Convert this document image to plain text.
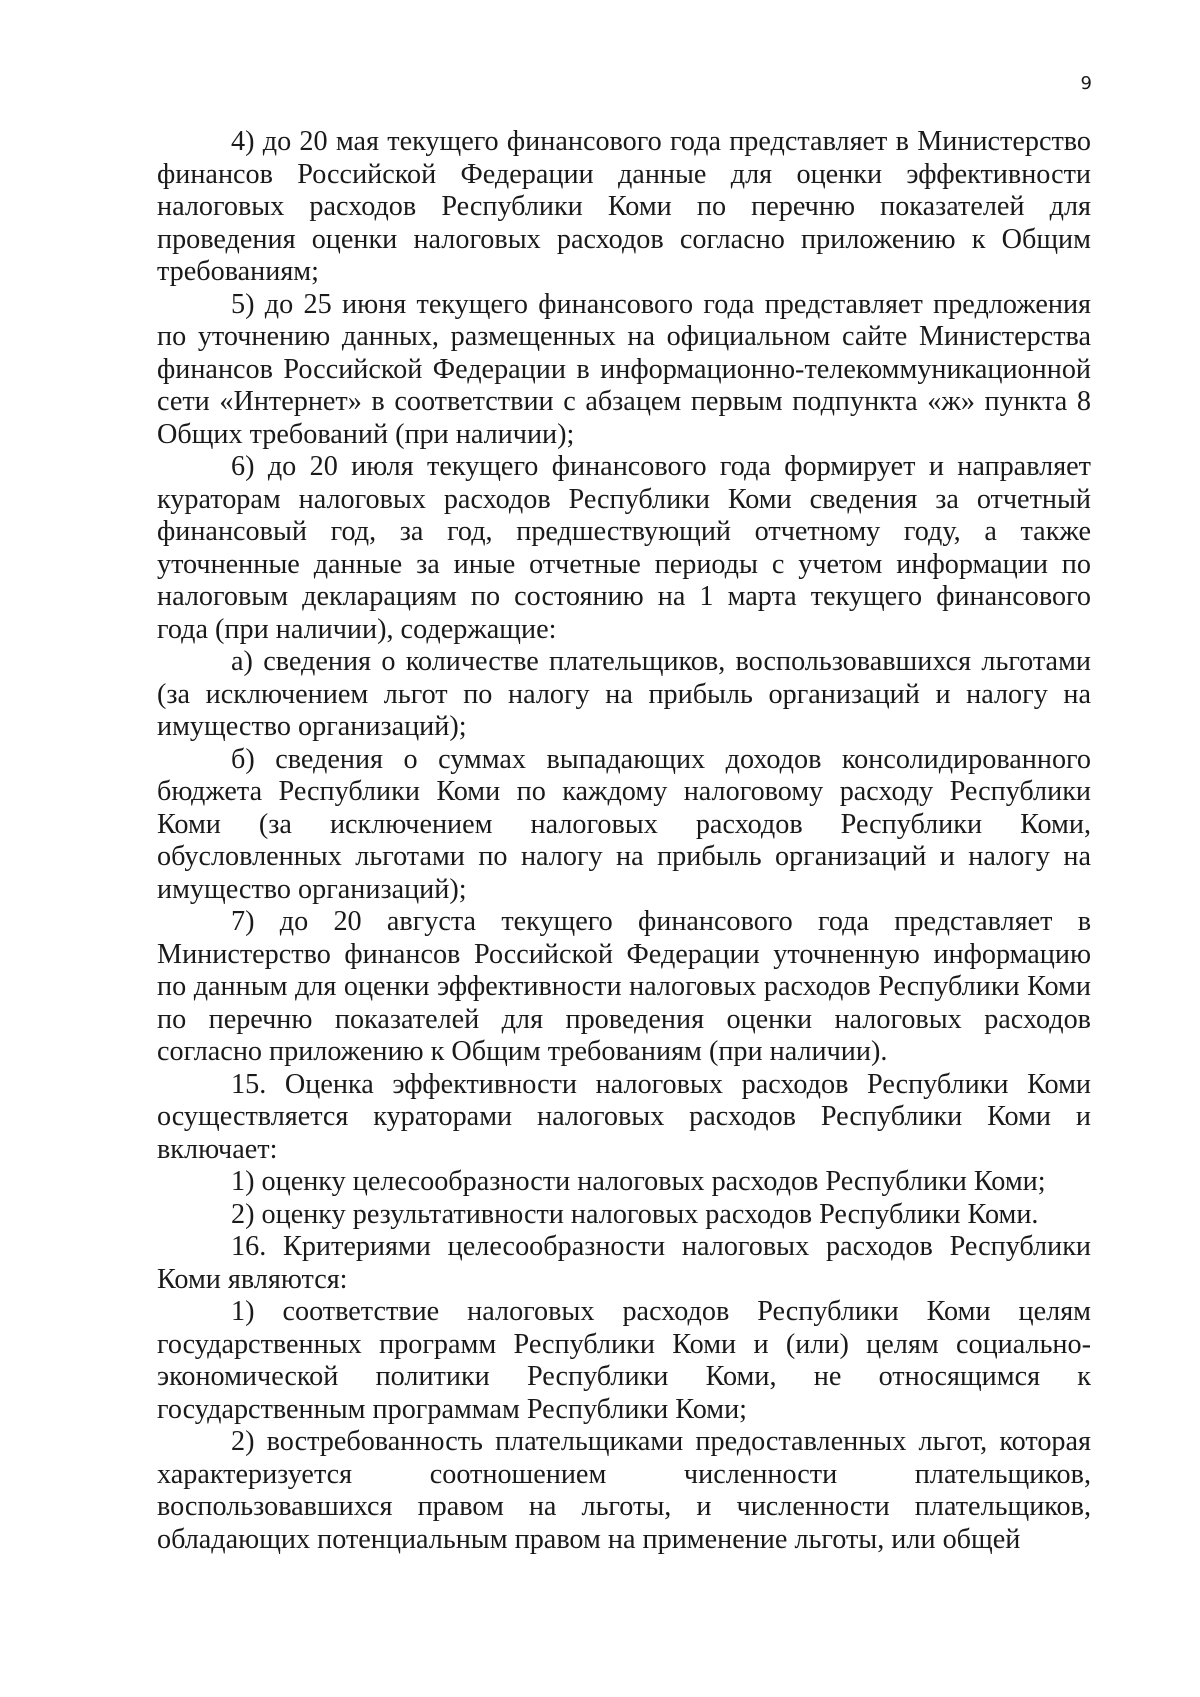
9

4) до 20 мая текущего финансового года представляет в Министерство финансов Российской Федерации данные для оценки эффективности налоговых расходов Республики Коми по перечню показателей для проведения оценки налоговых расходов согласно приложению к Общим требованиям;

5) до 25 июня текущего финансового года представляет предложения по уточнению данных, размещенных на официальном сайте Министерства финансов Российской Федерации в информационно-телекоммуникационной сети «Интернет» в соответствии с абзацем первым подпункта «ж» пункта 8 Общих требований (при наличии);

6) до 20 июля текущего финансового года формирует и направляет кураторам налоговых расходов Республики Коми сведения за отчетный финансовый год, за год, предшествующий отчетному году, а также уточненные данные за иные отчетные периоды с учетом информации по налоговым декларациям по состоянию на 1 марта текущего финансового года (при наличии), содержащие:

а) сведения о количестве плательщиков, воспользовавшихся льготами (за исключением льгот по налогу на прибыль организаций и налогу на имущество организаций);

б) сведения о суммах выпадающих доходов консолидированного бюджета Республики Коми по каждому налоговому расходу Республики Коми (за исключением налоговых расходов Республики Коми, обусловленных льготами по налогу на прибыль организаций и налогу на имущество организаций);

7) до 20 августа текущего финансового года представляет в Министерство финансов Российской Федерации уточненную информацию по данным для оценки эффективности налоговых расходов Республики Коми по перечню показателей для проведения оценки налоговых расходов согласно приложению к Общим требованиям (при наличии).

15. Оценка эффективности налоговых расходов Республики Коми осуществляется кураторами налоговых расходов Республики Коми и включает:

1) оценку целесообразности налоговых расходов Республики Коми;

2) оценку результативности налоговых расходов Республики Коми.

16. Критериями целесообразности налоговых расходов Республики Коми являются:

1) соответствие налоговых расходов Республики Коми целям государственных программ Республики Коми и (или) целям социально-экономической политики Республики Коми, не относящимся к государственным программам Республики Коми;

2) востребованность плательщиками предоставленных льгот, которая характеризуется соотношением численности плательщиков, воспользовавшихся правом на льготы, и численности плательщиков, обладающих потенциальным правом на применение льготы, или общей
